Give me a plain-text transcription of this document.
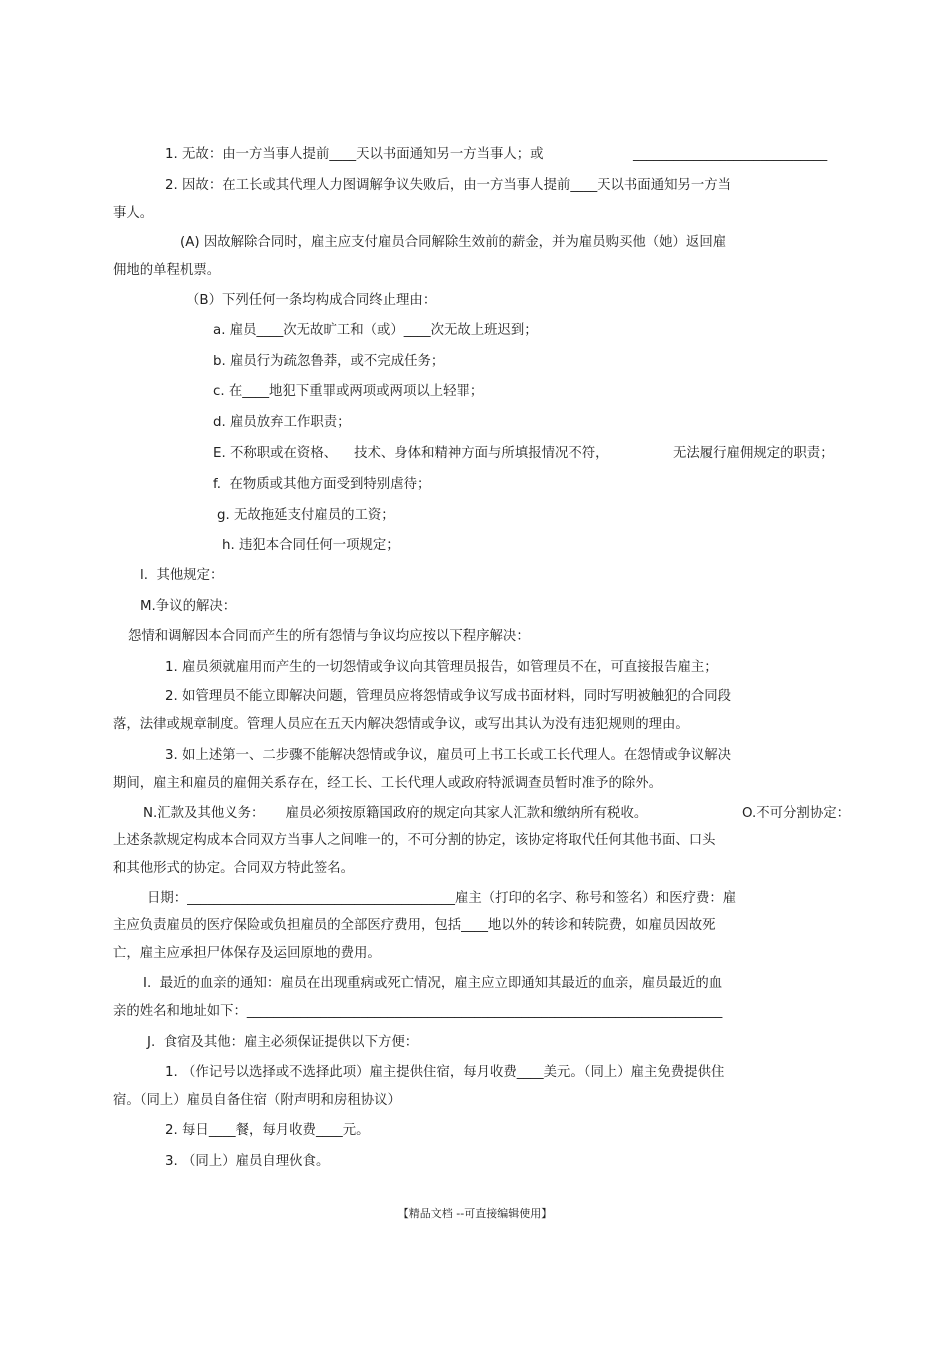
1. 无故：由一方当事人提前____天以书面通知另一方当事人；或	_____________________________
2. 因故：在工长或其代理人力图调解争议失败后，由一方当事人提前____天以书面通知另一方当
事人。
(A) 因故解除合同时，雇主应支付雇员合同解除生效前的薪金，并为雇员购买他（她）返回雇
佣地的单程机票。
（B）下列任何一条均构成合同终止理由：
a. 雇员____次无故旷工和（或）____次无故上班迟到；
b. 雇员行为疏忽鲁莽，或不完成任务；
c. 在____地犯下重罪或两项或两项以上轻罪；
d. 雇员放弃工作职责；
E. 不称职或在资格、    技术、身体和精神方面与所填报情况不符，	无法履行雇佣规定的职责；
f.  在物质或其他方面受到特别虐待；
g. 无故拖延支付雇员的工资；
h. 违犯本合同任何一项规定；
l.  其他规定：
M.争议的解决：
怨情和调解因本合同而产生的所有怨情与争议均应按以下程序解决：
1. 雇员须就雇用而产生的一切怨情或争议向其管理员报告，如管理员不在，可直接报告雇主；
2. 如管理员不能立即解决问题，管理员应将怨情或争议写成书面材料，同时写明被触犯的合同段
落，法律或规章制度。管理人员应在五天内解决怨情或争议，或写出其认为没有违犯规则的理由。
3. 如上述第一、二步骤不能解决怨情或争议，雇员可上书工长或工长代理人。在怨情或争议解决
期间，雇主和雇员的雇佣关系存在，经工长、工长代理人或政府特派调查员暂时准予的除外。
N.汇款及其他义务：     雇员必须按原籍国政府的规定向其家人汇款和缴纳所有税收。	O.不可分割协定：
上述条款规定构成本合同双方当事人之间唯一的，不可分割的协定，该协定将取代任何其他书面、口头
和其他形式的协定。合同双方特此签名。
日期：________________________________________雇主（打印的名字、称号和签名）和医疗费：雇
主应负责雇员的医疗保险或负担雇员的全部医疗费用，包括____地以外的转诊和转院费，如雇员因故死
亡，雇主应承担尸体保存及运回原地的费用。
I.  最近的血亲的通知：雇员在出现重病或死亡情况，雇主应立即通知其最近的血亲，雇员最近的血
亲的姓名和地址如下：_______________________________________________________________________
J.  食宿及其他：雇主必须保证提供以下方便：
1. （作记号以选择或不选择此项）雇主提供住宿，每月收费____美元。（同上）雇主免费提供住
宿。（同上）雇员自备住宿（附声明和房租协议）
2. 每日____餐，每月收费____元。
3. （同上）雇员自理伙食。
【精品文档 --可直接编辑使用】
